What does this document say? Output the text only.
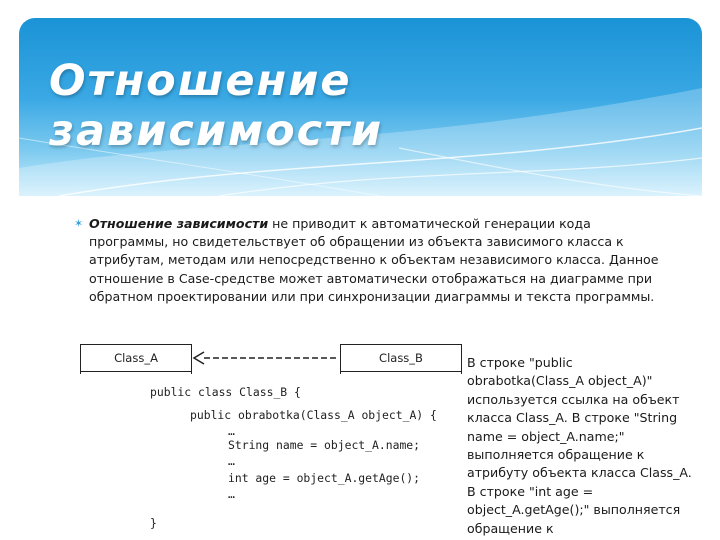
Отношение зависимости
✶ Отношение зависимости не приводит к автоматической генерации кода программы, но свидетельствует об обращении из объекта зависимого класса к атрибутам, методам или непосредственно к объектам независимого класса. Данное отношение в Case-средстве может автоматически отображаться на диаграмме при обратном проектировании или при синхронизации диаграммы и текста программы.
Class_A	Class_B
public class Class_B {
public obrabotka(Class_A object_A) {
…
String name = object_A.name;
…
int age = object_A.getAge();
…
}
В строке "public obrabotka(Class_A object_A)" используется ссылка на объект класса Class_A. В строке "String name = object_A.name;" выполняется обращение к атрибуту объекта класса Class_A. В строке "int age = object_A.getAge();" выполняется обращение к
